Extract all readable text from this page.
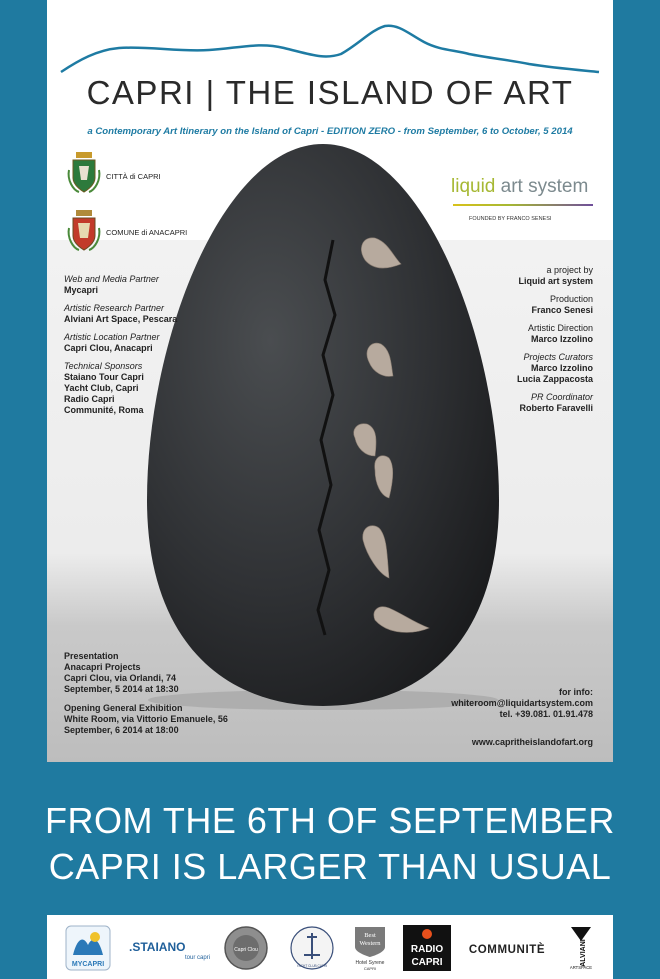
CAPRI | THE ISLAND OF ART
a Contemporary Art Itinerary on the Island of Capri - EDITION ZERO - from September, 6 to October, 5 2014
CITTÀ di CAPRI
COMUNE di ANACAPRI
liquid art system
FOUNDED BY FRANCO SENESI
Web and Media Partner
Mycapri
Artistic Research Partner
Alviani Art Space, Pescara
Artistic Location Partner
Capri Clou, Anacapri
Technical Sponsors
Staiano Tour Capri
Yacht Club, Capri
Radio Capri
Communité, Roma
a project by
Liquid art system
Production
Franco Senesi
Artistic Direction
Marco Izzolino
Projects Curators
Marco Izzolino
Lucia Zappacosta
PR Coordinator
Roberto Faravelli
Presentation
Anacapri Projects
Capri Clou, via Orlandi, 74
September, 5 2014 at 18:30
Opening General Exhibition
White Room, via Vittorio Emanuele, 56
September, 6 2014 at 18:00
for info:
whiteroom@liquidartsystem.com
tel. +39.081. 01.91.478
www.capritheislandofart.org
FROM THE 6TH OF SEPTEMBER
CAPRI IS LARGER THAN USUAL
MYCAPRI
.STAIANO
tour capri
Capri Clou
YACHT CLUB CAPRI
Best
Western
Hotel Syrene
CAPRI
RADIO
CAPRI
COMMUNITÈ	ALVIANI
ARTSPACE
